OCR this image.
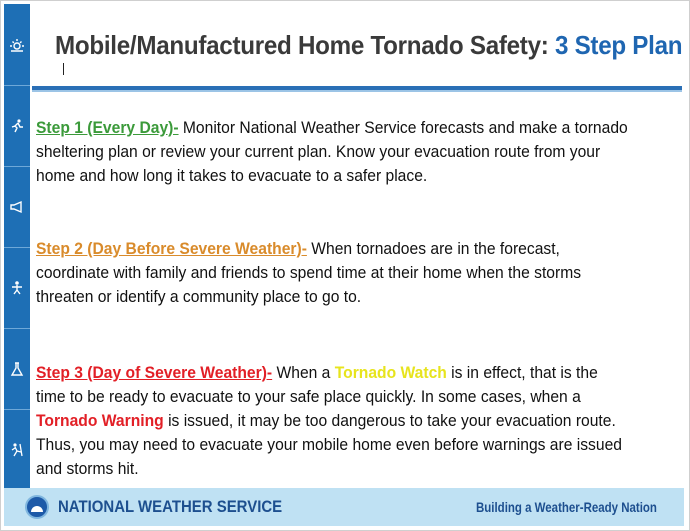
Mobile/Manufactured Home Tornado Safety: 3 Step Plan
Step 1 (Every Day)- Monitor National Weather Service forecasts and make a tornado sheltering plan or review your current plan. Know your evacuation route from your home and how long it takes to evacuate to a safer place.
Step 2 (Day Before Severe Weather)- When tornadoes are in the forecast, coordinate with family and friends to spend time at their home when the storms threaten or identify a community place to go to.
Step 3 (Day of Severe Weather)- When a Tornado Watch is in effect, that is the time to be ready to evacuate to your safe place quickly. In some cases, when a Tornado Warning is issued, it may be too dangerous to take your evacuation route. Thus, you may need to evacuate your mobile home even before warnings are issued and storms hit.
NATIONAL WEATHER SERVICE	Building a Weather-Ready Nation
